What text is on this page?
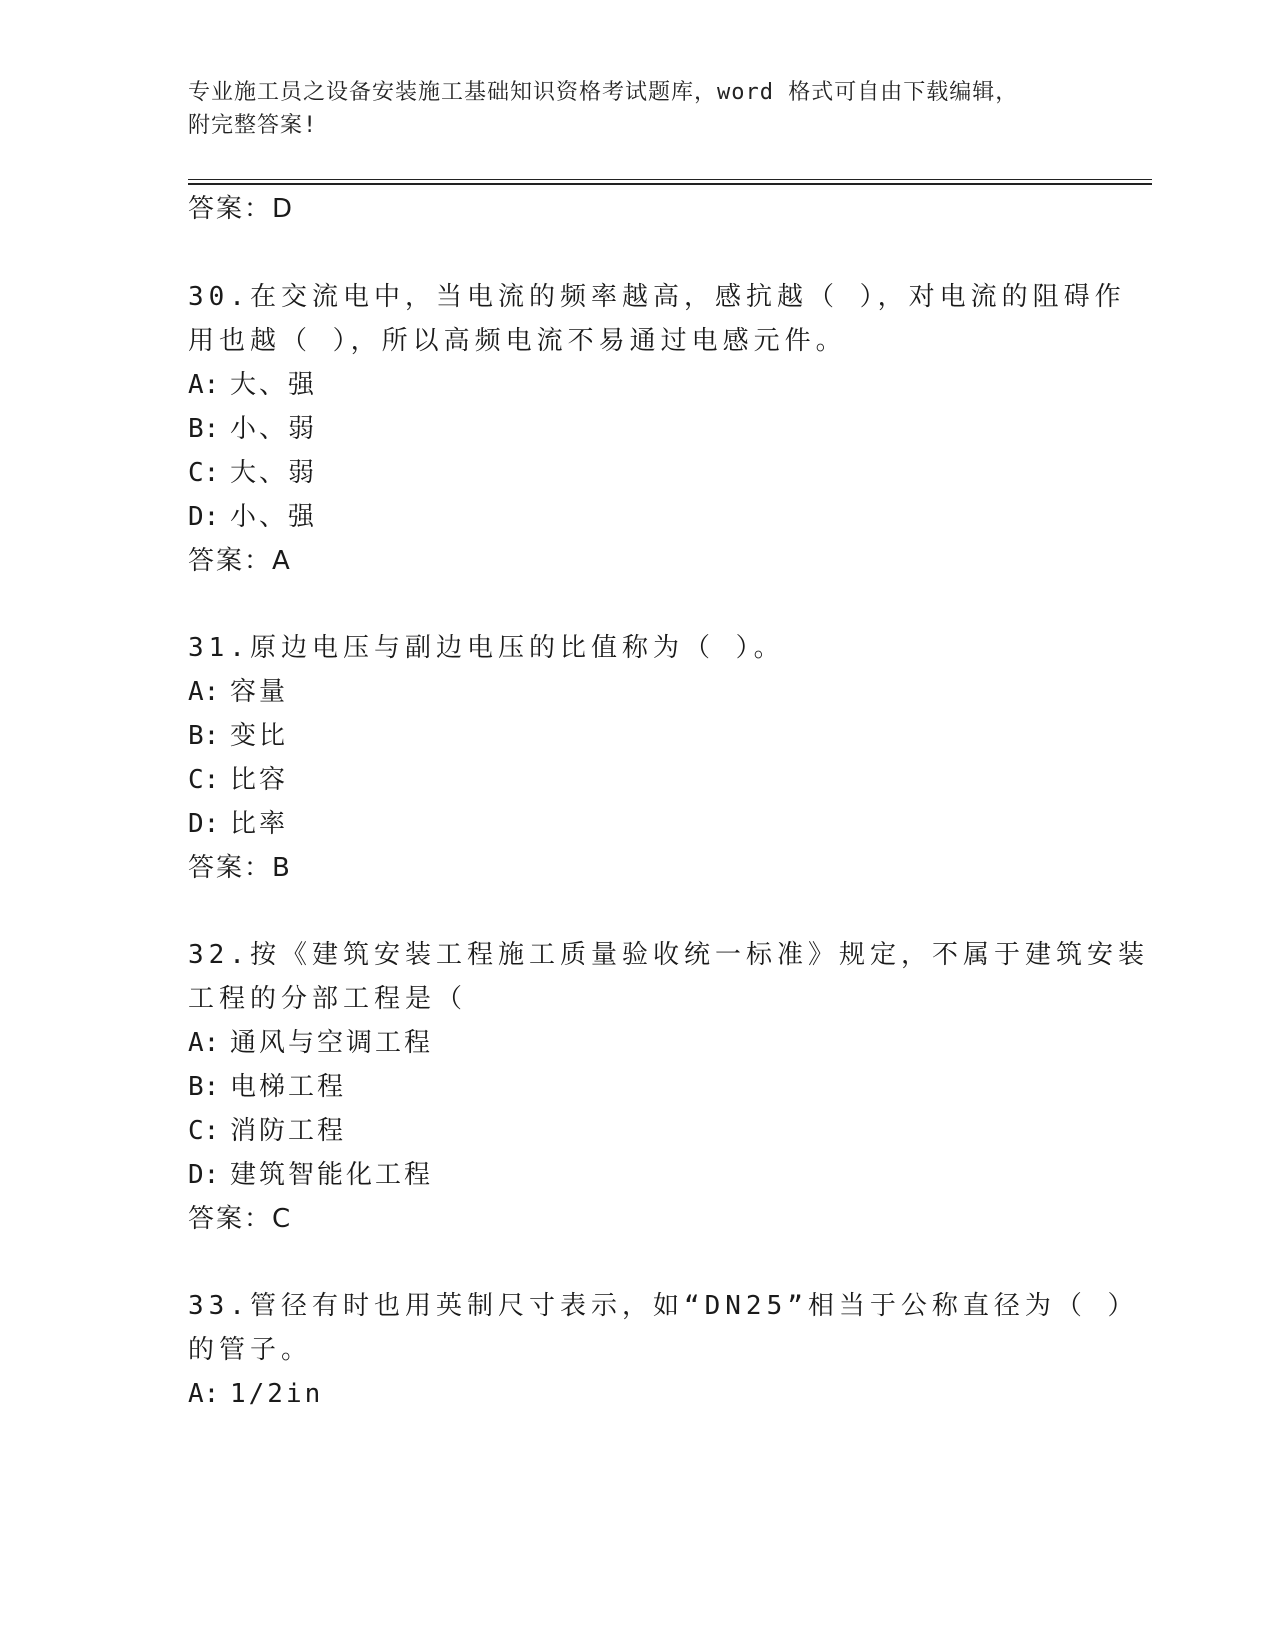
专业施工员之设备安装施工基础知识资格考试题库，word 格式可自由下载编辑，
附完整答案!
答案：D
30.在交流电中，当电流的频率越高，感抗越（ ），对电流的阻碍作
用也越（ ），所以高频电流不易通过电感元件。
A: 大、强
B: 小、弱
C: 大、弱
D: 小、强
答案：A
31.原边电压与副边电压的比值称为（ ）。
A: 容量
B: 变比
C: 比容
D: 比率
答案：B
32.按《建筑安装工程施工质量验收统一标准》规定，不属于建筑安装
工程的分部工程是（
A: 通风与空调工程
B: 电梯工程
C: 消防工程
D: 建筑智能化工程
答案：C
33.管径有时也用英制尺寸表示，如“DN25”相当于公称直径为（ ）
的管子。
A: 1/2in
